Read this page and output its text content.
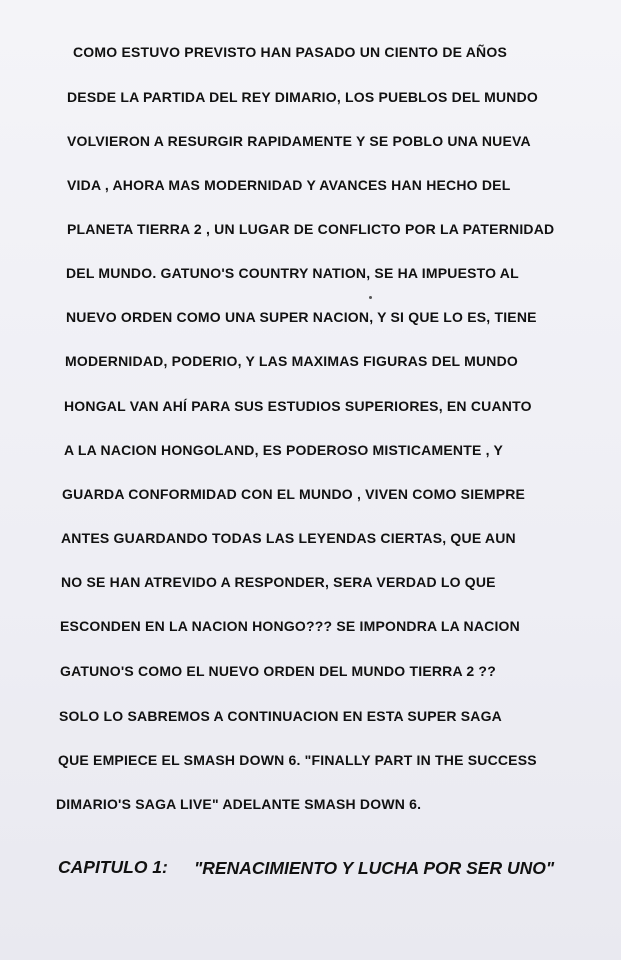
COMO ESTUVO PREVISTO HAN PASADO UN CIENTO DE AÑOS
DESDE LA PARTIDA DEL REY DIMARIO, LOS PUEBLOS DEL MUNDO
VOLVIERON A RESURGIR RAPIDAMENTE Y SE POBLO UNA NUEVA
VIDA , AHORA MAS MODERNIDAD Y AVANCES HAN HECHO DEL
PLANETA TIERRA 2 , UN LUGAR DE CONFLICTO POR LA PATERNIDAD
DEL MUNDO. GATUNO'S COUNTRY NATION, SE HA IMPUESTO AL
NUEVO ORDEN COMO UNA SUPER NACION, Y SI QUE LO ES, TIENE
MODERNIDAD, PODERIO, Y LAS MAXIMAS FIGURAS DEL MUNDO
HONGAL VAN AHÍ PARA SUS ESTUDIOS SUPERIORES, EN CUANTO
A LA NACION HONGOLAND, ES PODEROSO MISTICAMENTE , Y
GUARDA CONFORMIDAD CON EL MUNDO , VIVEN COMO SIEMPRE
ANTES GUARDANDO TODAS LAS LEYENDAS CIERTAS, QUE AUN
NO SE HAN ATREVIDO A RESPONDER, SERA VERDAD LO QUE
ESCONDEN EN LA NACION HONGO??? SE IMPONDRA LA NACION
GATUNO'S COMO EL NUEVO ORDEN DEL MUNDO TIERRA 2 ??
SOLO LO SABREMOS A CONTINUACION EN ESTA SUPER SAGA
QUE EMPIECE EL SMASH DOWN 6. "FINALLY PART IN THE SUCCESS
DIMARIO'S SAGA LIVE" ADELANTE SMASH DOWN 6.
CAPITULO 1: "RENACIMIENTO Y LUCHA POR SER UNO"
